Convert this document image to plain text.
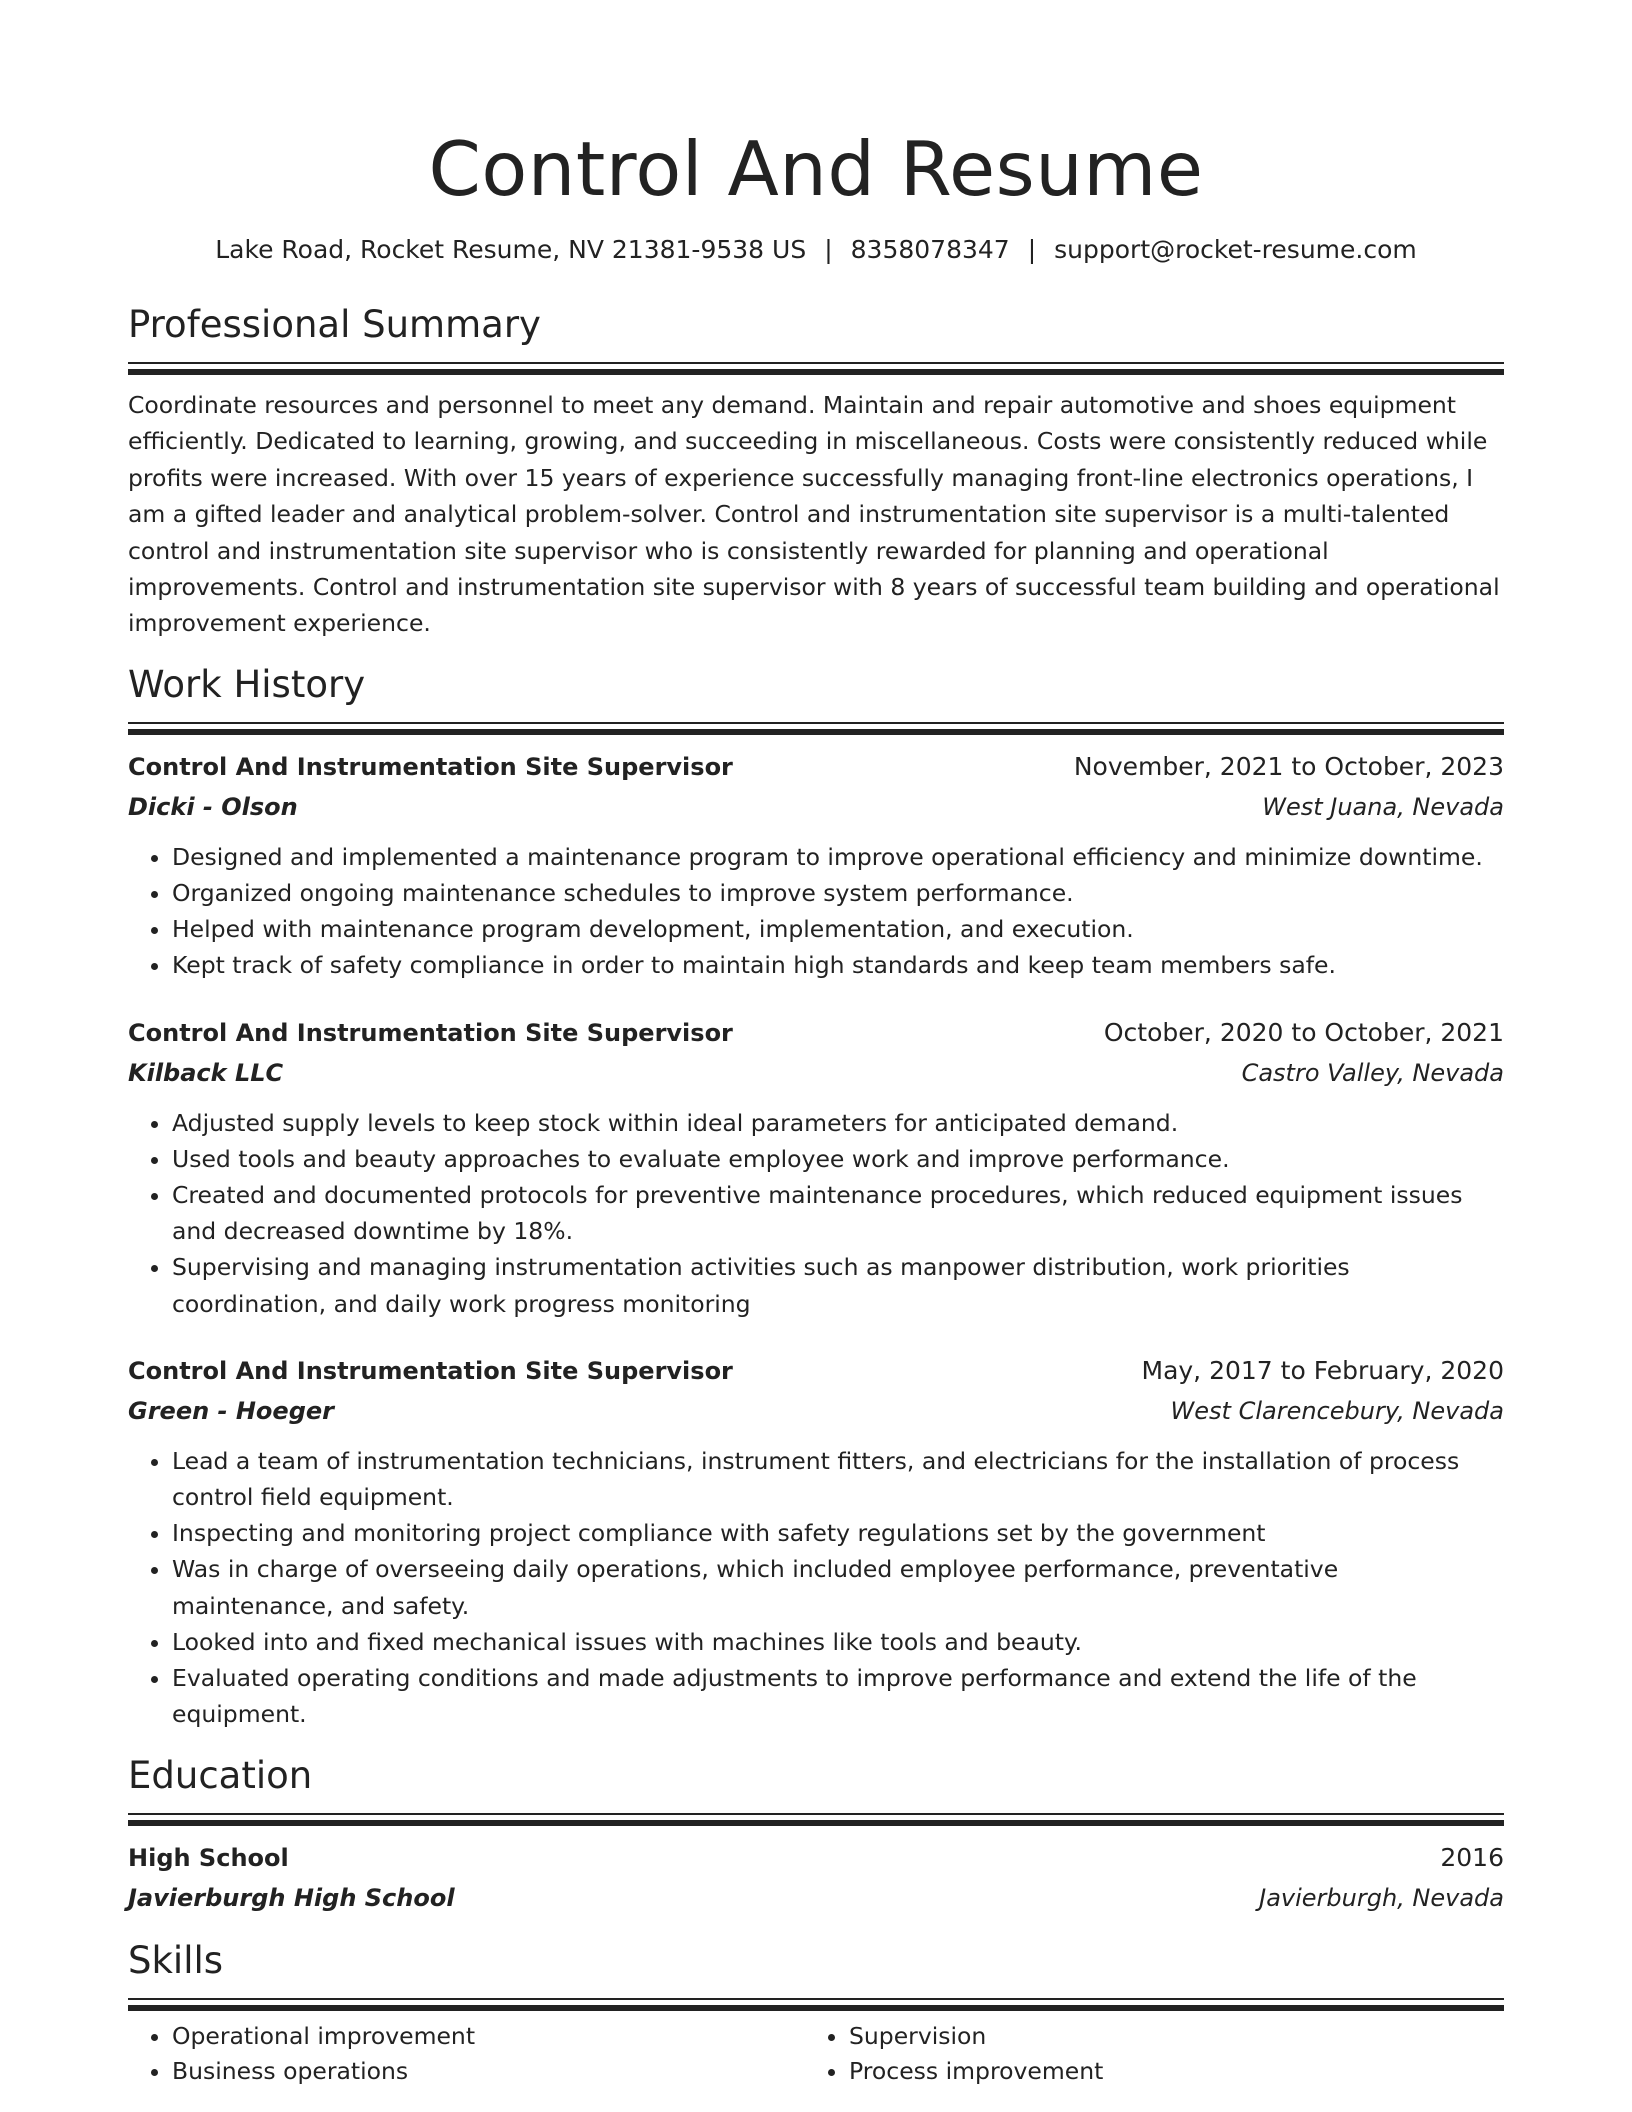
Control And Resume
Lake Road, Rocket Resume, NV 21381-9538 US | 8358078347 | support@rocket-resume.com
Professional Summary
Coordinate resources and personnel to meet any demand. Maintain and repair automotive and shoes equipment efficiently. Dedicated to learning, growing, and succeeding in miscellaneous. Costs were consistently reduced while profits were increased. With over 15 years of experience successfully managing front-line electronics operations, I am a gifted leader and analytical problem-solver. Control and instrumentation site supervisor is a multi-talented control and instrumentation site supervisor who is consistently rewarded for planning and operational improvements. Control and instrumentation site supervisor with 8 years of successful team building and operational improvement experience.
Work History
Control And Instrumentation Site Supervisor	November, 2021 to October, 2023
Dicki - Olson	West Juana, Nevada
• Designed and implemented a maintenance program to improve operational efficiency and minimize downtime.
• Organized ongoing maintenance schedules to improve system performance.
• Helped with maintenance program development, implementation, and execution.
• Kept track of safety compliance in order to maintain high standards and keep team members safe.
Control And Instrumentation Site Supervisor	October, 2020 to October, 2021
Kilback LLC	Castro Valley, Nevada
• Adjusted supply levels to keep stock within ideal parameters for anticipated demand.
• Used tools and beauty approaches to evaluate employee work and improve performance.
• Created and documented protocols for preventive maintenance procedures, which reduced equipment issues and decreased downtime by 18%.
• Supervising and managing instrumentation activities such as manpower distribution, work priorities coordination, and daily work progress monitoring
Control And Instrumentation Site Supervisor	May, 2017 to February, 2020
Green - Hoeger	West Clarencebury, Nevada
• Lead a team of instrumentation technicians, instrument fitters, and electricians for the installation of process control field equipment.
• Inspecting and monitoring project compliance with safety regulations set by the government
• Was in charge of overseeing daily operations, which included employee performance, preventative maintenance, and safety.
• Looked into and fixed mechanical issues with machines like tools and beauty.
• Evaluated operating conditions and made adjustments to improve performance and extend the life of the equipment.
Education
High School	2016
Javierburgh High School	Javierburgh, Nevada
Skills
• Operational improvement
• Business operations
• Supervision
• Process improvement
